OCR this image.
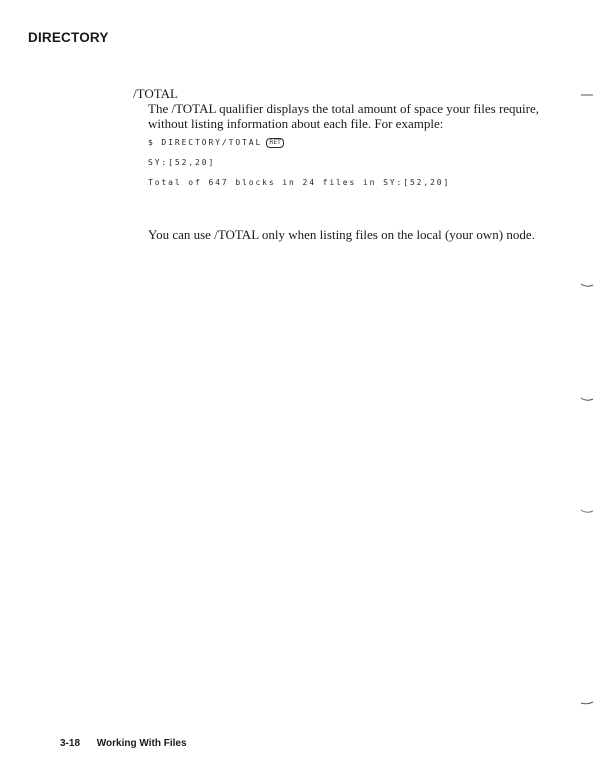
DIRECTORY
/TOTAL

The /TOTAL qualifier displays the total amount of space your files require, without listing information about each file. For example:

$ DIRECTORY/TOTAL RET
SY:[52,20]
Total of 647 blocks in 24 files in SY:[52,20]

You can use /TOTAL only when listing files on the local (your own) node.

3-18 Working With Files
